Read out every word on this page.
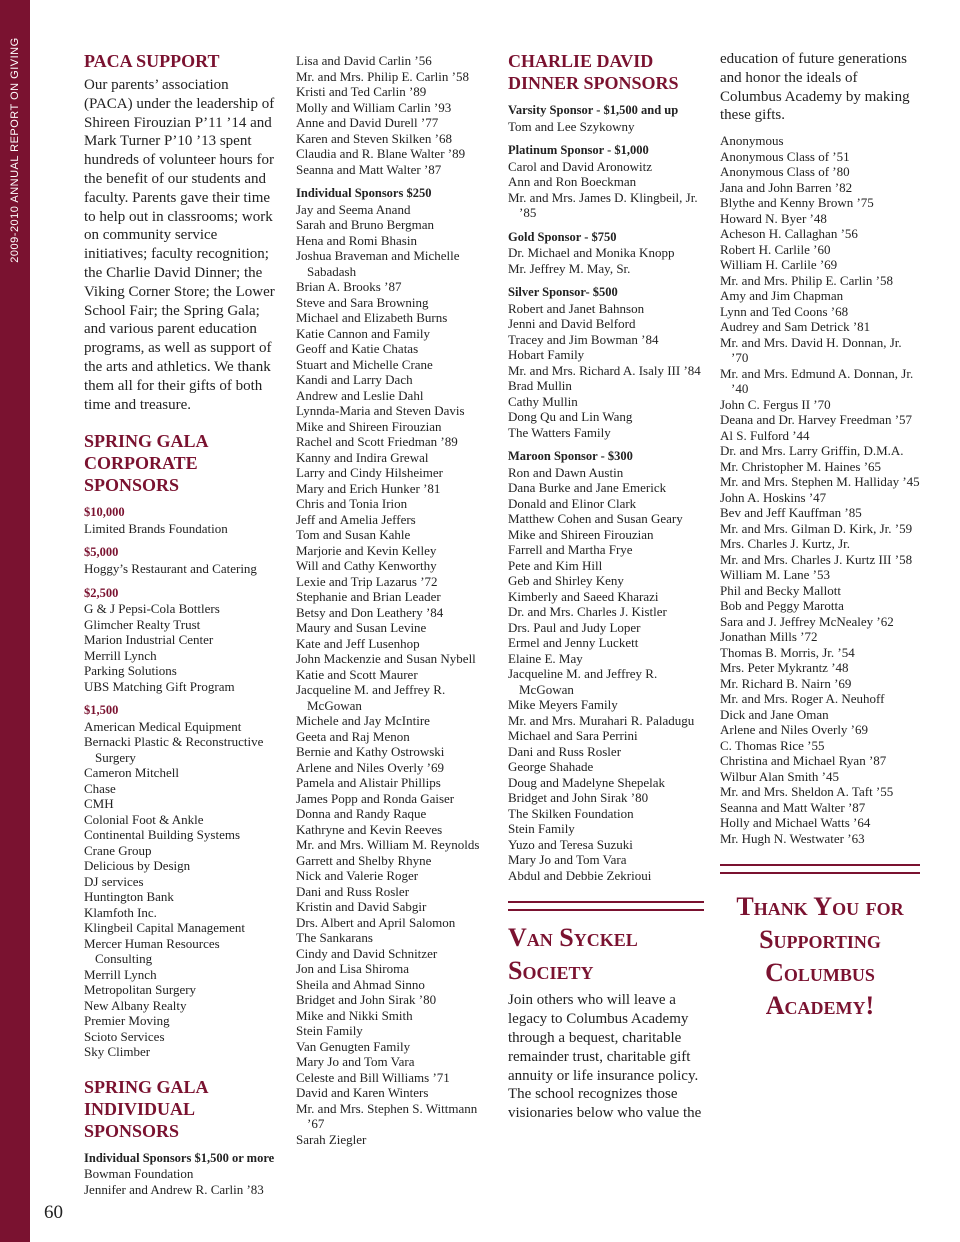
2009-2010 ANNUAL REPORT ON GIVING
60
PACA SUPPORT

Our parents’ association (PACA) under the leadership of Shireen Firouzian P’11 ’14 and Mark Turner P’10 ’13 spent hundreds of volunteer hours for the benefit of our students and faculty. Parents gave their time to help out in classrooms; work on community service initiatives; faculty recognition; the Charlie David Dinner; the Viking Corner Store; the Lower School Fair; the Spring Gala; and various parent education programs, as well as support of the arts and athletics. We thank them all for their gifts of both time and treasure.

SPRING GALA CORPORATE SPONSORS
$10,000
Limited Brands Foundation
$5,000
Hoggy’s Restaurant and Catering
$2,500
G & J Pepsi-Cola Bottlers
Glimcher Realty Trust
Marion Industrial Center
Merrill Lynch
Parking Solutions
UBS Matching Gift Program
$1,500
American Medical Equipment
Bernacki Plastic & Reconstructive Surgery
Cameron Mitchell
Chase
CMH
Colonial Foot & Ankle
Continental Building Systems
Crane Group
Delicious by Design
DJ services
Huntington Bank
Klamfoth Inc.
Klingbeil Capital Management
Mercer Human Resources Consulting
Merrill Lynch
Metropolitan Surgery
New Albany Realty
Premier Moving
Scioto Services
Sky Climber
SPRING GALA INDIVIDUAL SPONSORS
Individual Sponsors $1,500 or more
Bowman Foundation
Jennifer and Andrew R. Carlin ’83
Lisa and David Carlin ’56
Mr. and Mrs. Philip E. Carlin ’58
Kristi and Ted Carlin ’89
Molly and William Carlin ’93
Anne and David Durell ’77
Karen and Steven Skilken ’68
Claudia and R. Blane Walter ’89
Seanna and Matt Walter ’87
Individual Sponsors $250
Jay and Seema Anand
Sarah and Bruno Bergman
Hena and Romi Bhasin
Joshua Braveman and Michelle Sabadash
Brian A. Brooks ’87
Steve and Sara Browning
Michael and Elizabeth Burns
Katie Cannon and Family
Geoff and Katie Chatas
Stuart and Michelle Crane
Kandi and Larry Dach
Andrew and Leslie Dahl
Lynnda-Maria and Steven Davis
Mike and Shireen Firouzian
Rachel and Scott Friedman ’89
Kanny and Indira Grewal
Larry and Cindy Hilsheimer
Mary and Erich Hunker ’81
Chris and Tonia Irion
Jeff and Amelia Jeffers
Tom and Susan Kahle
Marjorie and Kevin Kelley
Will and Cathy Kenworthy
Lexie and Trip Lazarus ’72
Stephanie and Brian Leader
Betsy and Don Leathery ’84
Maury and Susan Levine
Kate and Jeff Lusenhop
John Mackenzie and Susan Nybell
Katie and Scott Maurer
Jacqueline M. and Jeffrey R. McGowan
Michele and Jay McIntire
Geeta and Raj Menon
Bernie and Kathy Ostrowski
Arlene and Niles Overly ’69
Pamela and Alistair Phillips
James Popp and Ronda Gaiser
Donna and Randy Raque
Kathryne and Kevin Reeves
Mr. and Mrs. William M. Reynolds
Garrett and Shelby Rhyne
Nick and Valerie Roger
Dani and Russ Rosler
Kristin and David Sabgir
Drs. Albert and April Salomon
The Sankarans
Cindy and David Schnitzer
Jon and Lisa Shiroma
Sheila and Ahmad Sinno
Bridget and John Sirak ’80
Mike and Nikki Smith
Stein Family
Van Genugten Family
Mary Jo and Tom Vara
Celeste and Bill Williams ’71
David and Karen Winters
Mr. and Mrs. Stephen S. Wittmann ’67
Sarah Ziegler
CHARLIE DAVID DINNER SPONSORS
Varsity Sponsor - $1,500 and up
Tom and Lee Szykowny
Platinum Sponsor - $1,000
Carol and David Aronowitz
Ann and Ron Boeckman
Mr. and Mrs. James D. Klingbeil, Jr. ’85
Gold Sponsor - $750
Dr. Michael and Monika Knopp
Mr. Jeffrey M. May, Sr.
Silver Sponsor- $500
Robert and Janet Bahnson
Jenni and David Belford
Tracey and Jim Bowman ’84
Hobart Family
Mr. and Mrs. Richard A. Isaly III ’84
Brad Mullin
Cathy Mullin
Dong Qu and Lin Wang
The Watters Family
Maroon Sponsor - $300
Ron and Dawn Austin
Dana Burke and Jane Emerick
Donald and Elinor Clark
Matthew Cohen and Susan Geary
Mike and Shireen Firouzian
Farrell and Martha Frye
Pete and Kim Hill
Geb and Shirley Keny
Kimberly and Saeed Kharazi
Dr. and Mrs. Charles J. Kistler
Drs. Paul and Judy Loper
Ermel and Jenny Luckett
Elaine E. May
Jacqueline M. and Jeffrey R. McGowan
Mike Meyers Family
Mr. and Mrs. Murahari R. Paladugu
Michael and Sara Perrini
Dani and Russ Rosler
George Shahade
Doug and Madelyne Shepelak
Bridget and John Sirak ’80
The Skilken Foundation
Stein Family
Yuzo and Teresa Suzuki
Mary Jo and Tom Vara
Abdul and Debbie Zekrioui
Van Syckel Society

Join others who will leave a legacy to Columbus Academy through a bequest, charitable remainder trust, charitable gift annuity or life insurance policy. The school recognizes those visionaries below who value the

education of future generations and honor the ideals of Columbus Academy by making these gifts.

Anonymous
Anonymous Class of ’51
Anonymous Class of ’80
Jana and John Barren ’82
Blythe and Kenny Brown ’75
Howard N. Byer ’48
Acheson H. Callaghan ’56
Robert H. Carlile ’60
William H. Carlile ’69
Mr. and Mrs. Philip E. Carlin ’58
Amy and Jim Chapman
Lynn and Ted Coons ’68
Audrey and Sam Detrick ’81
Mr. and Mrs. David H. Donnan, Jr. ’70
Mr. and Mrs. Edmund A. Donnan, Jr. ’40
John C. Fergus II ’70
Deana and Dr. Harvey Freedman ’57
Al S. Fulford ’44
Dr. and Mrs. Larry Griffin, D.M.A.
Mr. Christopher M. Haines ’65
Mr. and Mrs. Stephen M. Halliday ’45
John A. Hoskins ’47
Bev and Jeff Kauffman ’85
Mr. and Mrs. Gilman D. Kirk, Jr. ’59
Mrs. Charles J. Kurtz, Jr.
Mr. and Mrs. Charles J. Kurtz III ’58
William M. Lane ’53
Phil and Becky Mallott
Bob and Peggy Marotta
Sara and J. Jeffrey McNealey ’62
Jonathan Mills ’72
Thomas B. Morris, Jr. ’54
Mrs. Peter Mykrantz ’48
Mr. Richard B. Nairn ’69
Mr. and Mrs. Roger A. Neuhoff
Dick and Jane Oman
Arlene and Niles Overly ’69
C. Thomas Rice ’55
Christina and Michael Ryan ’87
Wilbur Alan Smith ’45
Mr. and Mrs. Sheldon A. Taft ’55
Seanna and Matt Walter ’87
Holly and Michael Watts ’64
Mr. Hugh N. Westwater ’63
Thank You for Supporting Columbus Academy!
